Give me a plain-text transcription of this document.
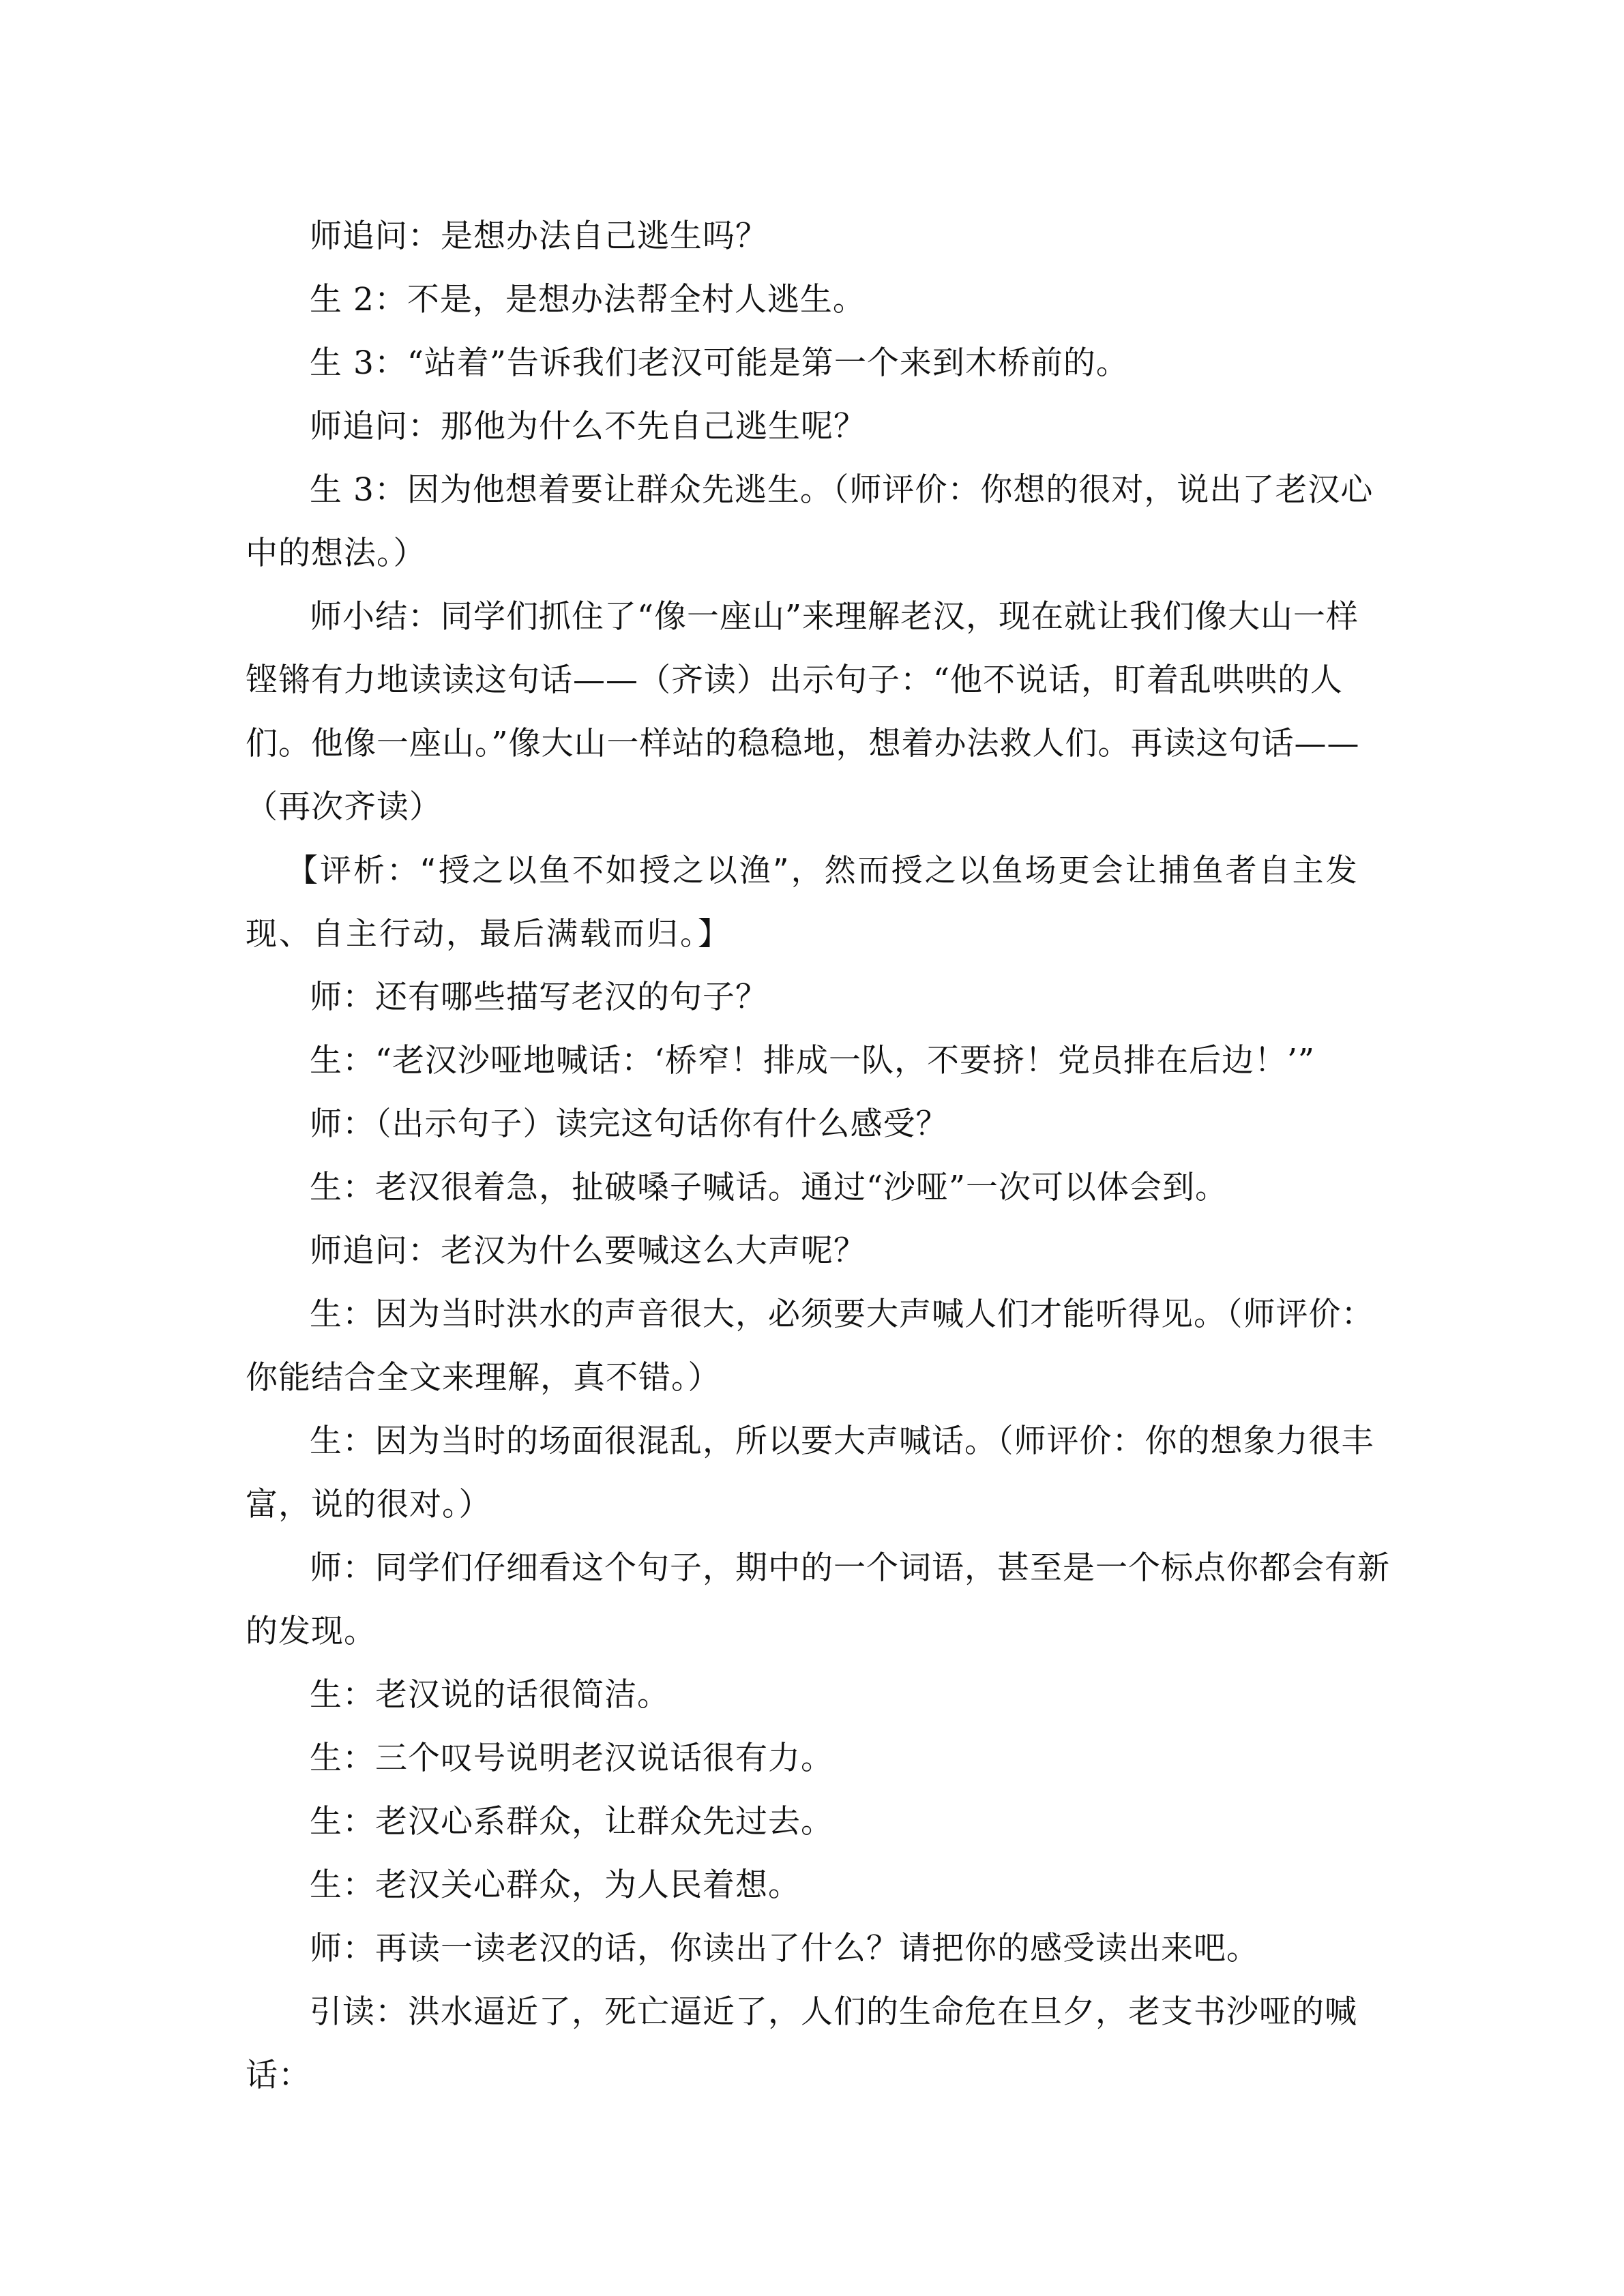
师追问：是想办法自己逃生吗？

生 2：不是，是想办法帮全村人逃生。

生 3：“站着”告诉我们老汉可能是第一个来到木桥前的。

师追问：那他为什么不先自己逃生呢？

生 3：因为他想着要让群众先逃生。（师评价：你想的很对，说出了老汉心中的想法。）

师小结：同学们抓住了“像一座山”来理解老汉，现在就让我们像大山一样铿锵有力地读读这句话——（齐读）出示句子：“他不说话，盯着乱哄哄的人们。他像一座山。”像大山一样站的稳稳地，想着办法救人们。再读这句话——（再次齐读）

【评析：“授之以鱼不如授之以渔”，然而授之以鱼场更会让捕鱼者自主发现、自主行动，最后满载而归。】

师：还有哪些描写老汉的句子？

生：“老汉沙哑地喊话：‘桥窄！排成一队，不要挤！党员排在后边！’”

师：（出示句子）读完这句话你有什么感受？

生：老汉很着急，扯破嗓子喊话。通过“沙哑”一次可以体会到。

师追问：老汉为什么要喊这么大声呢？

生：因为当时洪水的声音很大，必须要大声喊人们才能听得见。（师评价：你能结合全文来理解，真不错。）

生：因为当时的场面很混乱，所以要大声喊话。（师评价：你的想象力很丰富，说的很对。）

师：同学们仔细看这个句子，期中的一个词语，甚至是一个标点你都会有新的发现。

生：老汉说的话很简洁。

生：三个叹号说明老汉说话很有力。

生：老汉心系群众，让群众先过去。

生：老汉关心群众，为人民着想。

师：再读一读老汉的话，你读出了什么？请把你的感受读出来吧。

引读：洪水逼近了，死亡逼近了，人们的生命危在旦夕，老支书沙哑的喊话：
